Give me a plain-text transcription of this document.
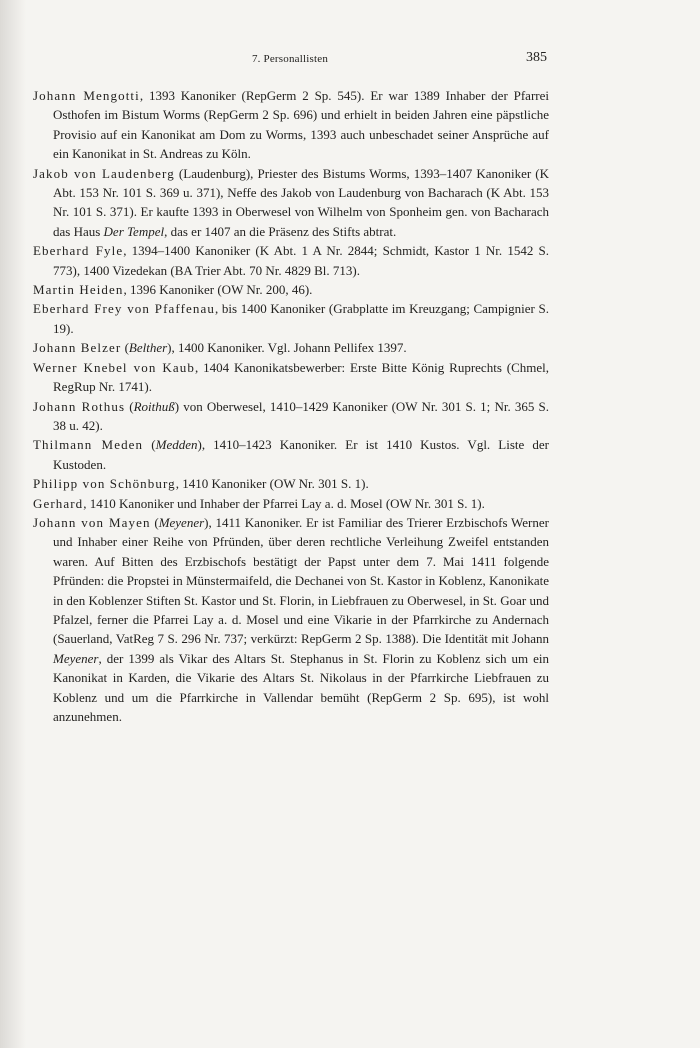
7. Personallisten	385

Johann Mengotti, 1393 Kanoniker (RepGerm 2 Sp. 545). Er war 1389 Inhaber der Pfarrei Osthofen im Bistum Worms (RepGerm 2 Sp. 696) und erhielt in beiden Jahren eine päpstliche Provisio auf ein Kanonikat am Dom zu Worms, 1393 auch unbeschadet seiner Ansprüche auf ein Kanonikat in St. Andreas zu Köln.

Jakob von Laudenberg (Laudenburg), Priester des Bistums Worms, 1393–1407 Kanoniker (K Abt. 153 Nr. 101 S. 369 u. 371), Neffe des Jakob von Laudenburg von Bacharach (K Abt. 153 Nr. 101 S. 371). Er kaufte 1393 in Oberwesel von Wilhelm von Sponheim gen. von Bacharach das Haus Der Tempel, das er 1407 an die Präsenz des Stifts abtrat.

Eberhard Fyle, 1394–1400 Kanoniker (K Abt. 1 A Nr. 2844; Schmidt, Kastor 1 Nr. 1542 S. 773), 1400 Vizedekan (BA Trier Abt. 70 Nr. 4829 Bl. 713).

Martin Heiden, 1396 Kanoniker (OW Nr. 200, 46).

Eberhard Frey von Pfaffenau, bis 1400 Kanoniker (Grabplatte im Kreuzgang; Campignier S. 19).

Johann Belzer (Belther), 1400 Kanoniker. Vgl. Johann Pellifex 1397.

Werner Knebel von Kaub, 1404 Kanonikatsbewerber: Erste Bitte König Ruprechts (Chmel, RegRup Nr. 1741).

Johann Rothus (Roithuß) von Oberwesel, 1410–1429 Kanoniker (OW Nr. 301 S. 1; Nr. 365 S. 38 u. 42).

Thilmann Meden (Medden), 1410–1423 Kanoniker. Er ist 1410 Kustos. Vgl. Liste der Kustoden.

Philipp von Schönburg, 1410 Kanoniker (OW Nr. 301 S. 1).

Gerhard, 1410 Kanoniker und Inhaber der Pfarrei Lay a. d. Mosel (OW Nr. 301 S. 1).

Johann von Mayen (Meyener), 1411 Kanoniker. Er ist Familiar des Trierer Erzbischofs Werner und Inhaber einer Reihe von Pfründen, über deren rechtliche Verleihung Zweifel entstanden waren. Auf Bitten des Erzbischofs bestätigt der Papst unter dem 7. Mai 1411 folgende Pfründen: die Propstei in Münstermaifeld, die Dechanei von St. Kastor in Koblenz, Kanonikate in den Koblenzer Stiften St. Kastor und St. Florin, in Liebfrauen zu Oberwesel, in St. Goar und Pfalzel, ferner die Pfarrei Lay a. d. Mosel und eine Vikarie in der Pfarrkirche zu Andernach (Sauerland, VatReg 7 S. 296 Nr. 737; verkürzt: RepGerm 2 Sp. 1388). Die Identität mit Johann Meyener, der 1399 als Vikar des Altars St. Stephanus in St. Florin zu Koblenz sich um ein Kanonikat in Karden, die Vikarie des Altars St. Nikolaus in der Pfarrkirche Liebfrauen zu Koblenz und um die Pfarrkirche in Vallendar bemüht (RepGerm 2 Sp. 695), ist wohl anzunehmen.
